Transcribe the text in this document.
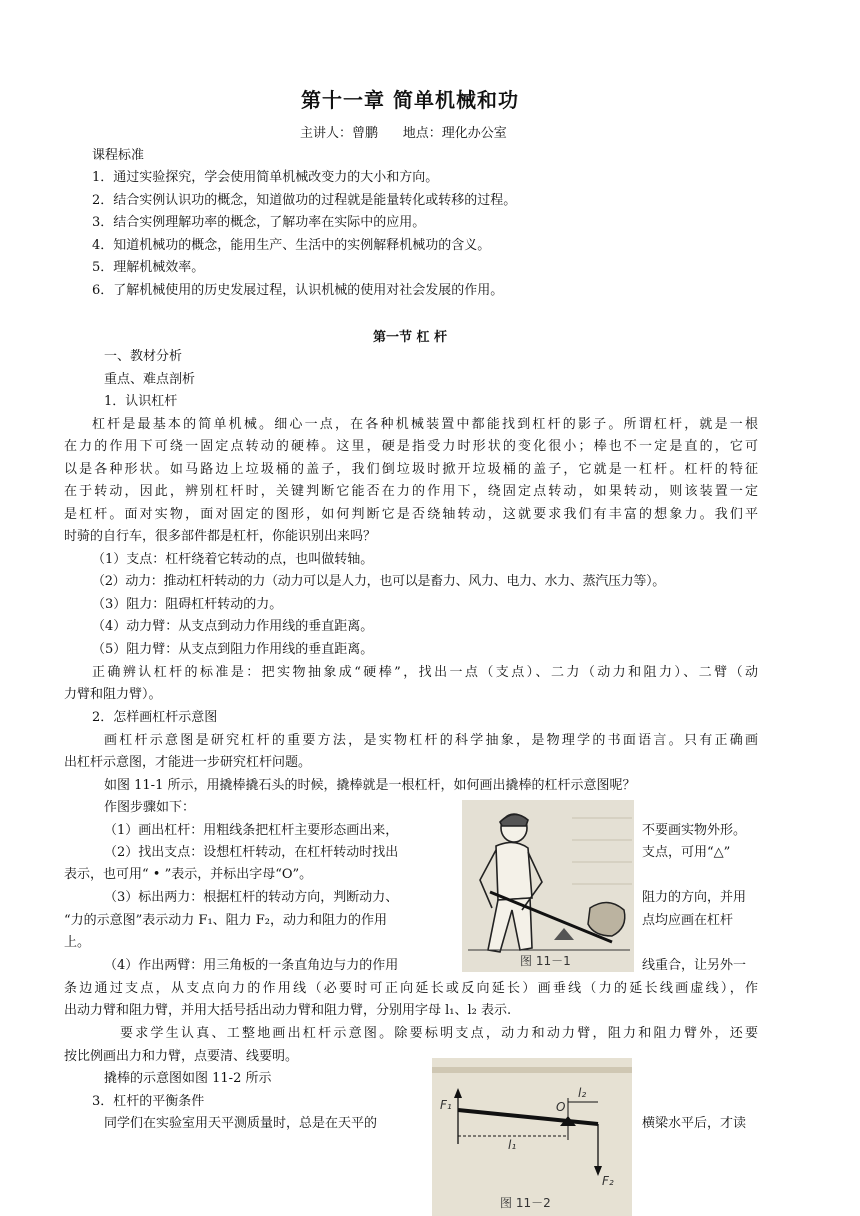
第十一章 简单机械和功
主讲人：曾鹏      地点：理化办公室
课程标准
1．通过实验探究，学会使用简单机械改变力的大小和方向。
2．结合实例认识功的概念，知道做功的过程就是能量转化或转移的过程。
3．结合实例理解功率的概念，了解功率在实际中的应用。
4．知道机械功的概念，能用生产、生活中的实例解释机械功的含义。
5．理解机械效率。
6．了解机械使用的历史发展过程，认识机械的使用对社会发展的作用。
第一节 杠 杆
一、教材分析
重点、难点剖析
1．认识杠杆
杠杆是最基本的简单机械。细心一点，在各种机械装置中都能找到杠杆的影子。所谓杠杆，就是一根
在力的作用下可绕一固定点转动的硬棒。这里，硬是指受力时形状的变化很小；棒也不一定是直的，它可
以是各种形状。如马路边上垃圾桶的盖子，我们倒垃圾时掀开垃圾桶的盖子，它就是一杠杆。杠杆的特征
在于转动，因此，辨别杠杆时，关键判断它能否在力的作用下，绕固定点转动，如果转动，则该装置一定
是杠杆。面对实物，面对固定的图形，如何判断它是否绕轴转动，这就要求我们有丰富的想象力。我们平
时骑的自行车，很多部件都是杠杆，你能识别出来吗？
（1）支点：杠杆绕着它转动的点，也叫做转轴。
（2）动力：推动杠杆转动的力（动力可以是人力，也可以是畜力、风力、电力、水力、蒸汽压力等）。
（3）阻力：阻碍杠杆转动的力。
（4）动力臂：从支点到动力作用线的垂直距离。
（5）阻力臂：从支点到阻力作用线的垂直距离。
正确辨认杠杆的标准是：把实物抽象成“硬棒”，找出一点（支点）、二力（动力和阻力）、二臂（动
力臂和阻力臂）。
2．怎样画杠杆示意图
画杠杆示意图是研究杠杆的重要方法，是实物杠杆的科学抽象，是物理学的书面语言。只有正确画
出杠杆示意图，才能进一步研究杠杆问题。
如图 11-1 所示，用撬棒撬石头的时候，撬棒就是一根杠杆，如何画出撬棒的杠杆示意图呢？
作图步骤如下：
（1）画出杠杆：用粗线条把杠杆主要形态画出来，	不要画实物外形。
（2）找出支点：设想杠杆转动，在杠杆转动时找出	支点，可用“△”
表示，也可用“ • ”表示，并标出字母“O”。
（3）标出两力：根据杠杆的转动方向，判断动力、	阻力的方向，并用
“力的示意图”表示动力 F₁、阻力 F₂，动力和阻力的作用	点均应画在杠杆
上。
（4）作出两臂：用三角板的一条直角边与力的作用	线重合，让另外一
条边通过支点，从支点向力的作用线（必要时可正向延长或反向延长）画垂线（力的延长线画虚线），作
出动力臂和阻力臂，并用大括号括出动力臂和阻力臂，分别用字母 l₁、l₂ 表示.
要求学生认真、工整地画出杠杆示意图。除要标明支点，动力和动力臂，阻力和阻力臂外，还要
按比例画出力和力臂，点要清、线要明。
撬棒的示意图如图 11-2 所示
3．杠杆的平衡条件
同学们在实验室用天平测质量时，总是在天平的	横梁水平后，才读
图 11－1
F₁	O
l₁
l₂
F₂
图 11－2
